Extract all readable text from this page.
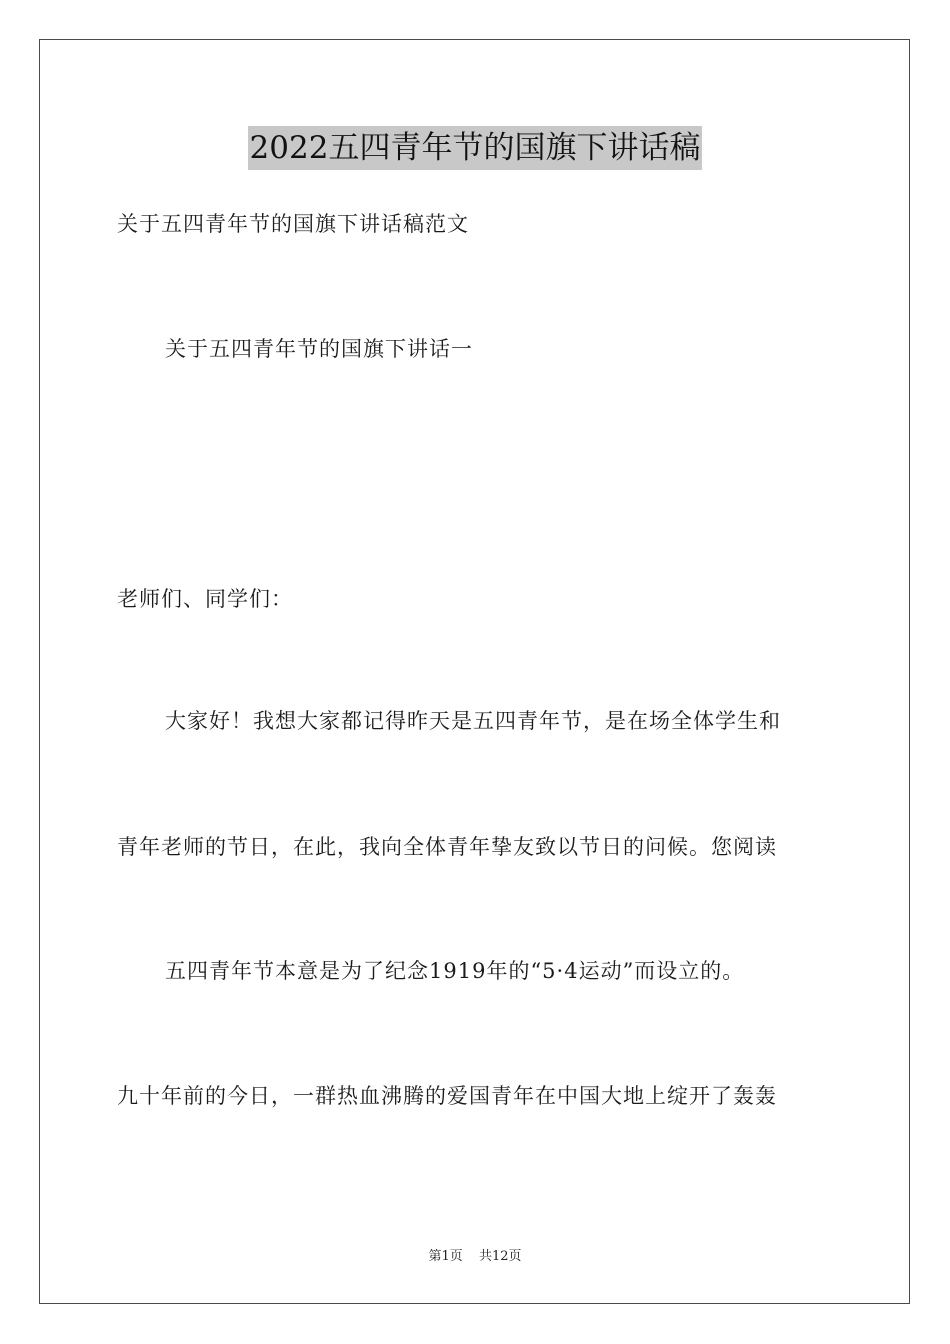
2022五四青年节的国旗下讲话稿
关于五四青年节的国旗下讲话稿范文
关于五四青年节的国旗下讲话一
老师们、同学们：
大家好！我想大家都记得昨天是五四青年节，是在场全体学生和
青年老师的节日，在此，我向全体青年挚友致以节日的问候。您阅读
五四青年节本意是为了纪念1919年的“5·4运动”而设立的。
九十年前的今日，一群热血沸腾的爱国青年在中国大地上绽开了轰轰
第1页 共12页
